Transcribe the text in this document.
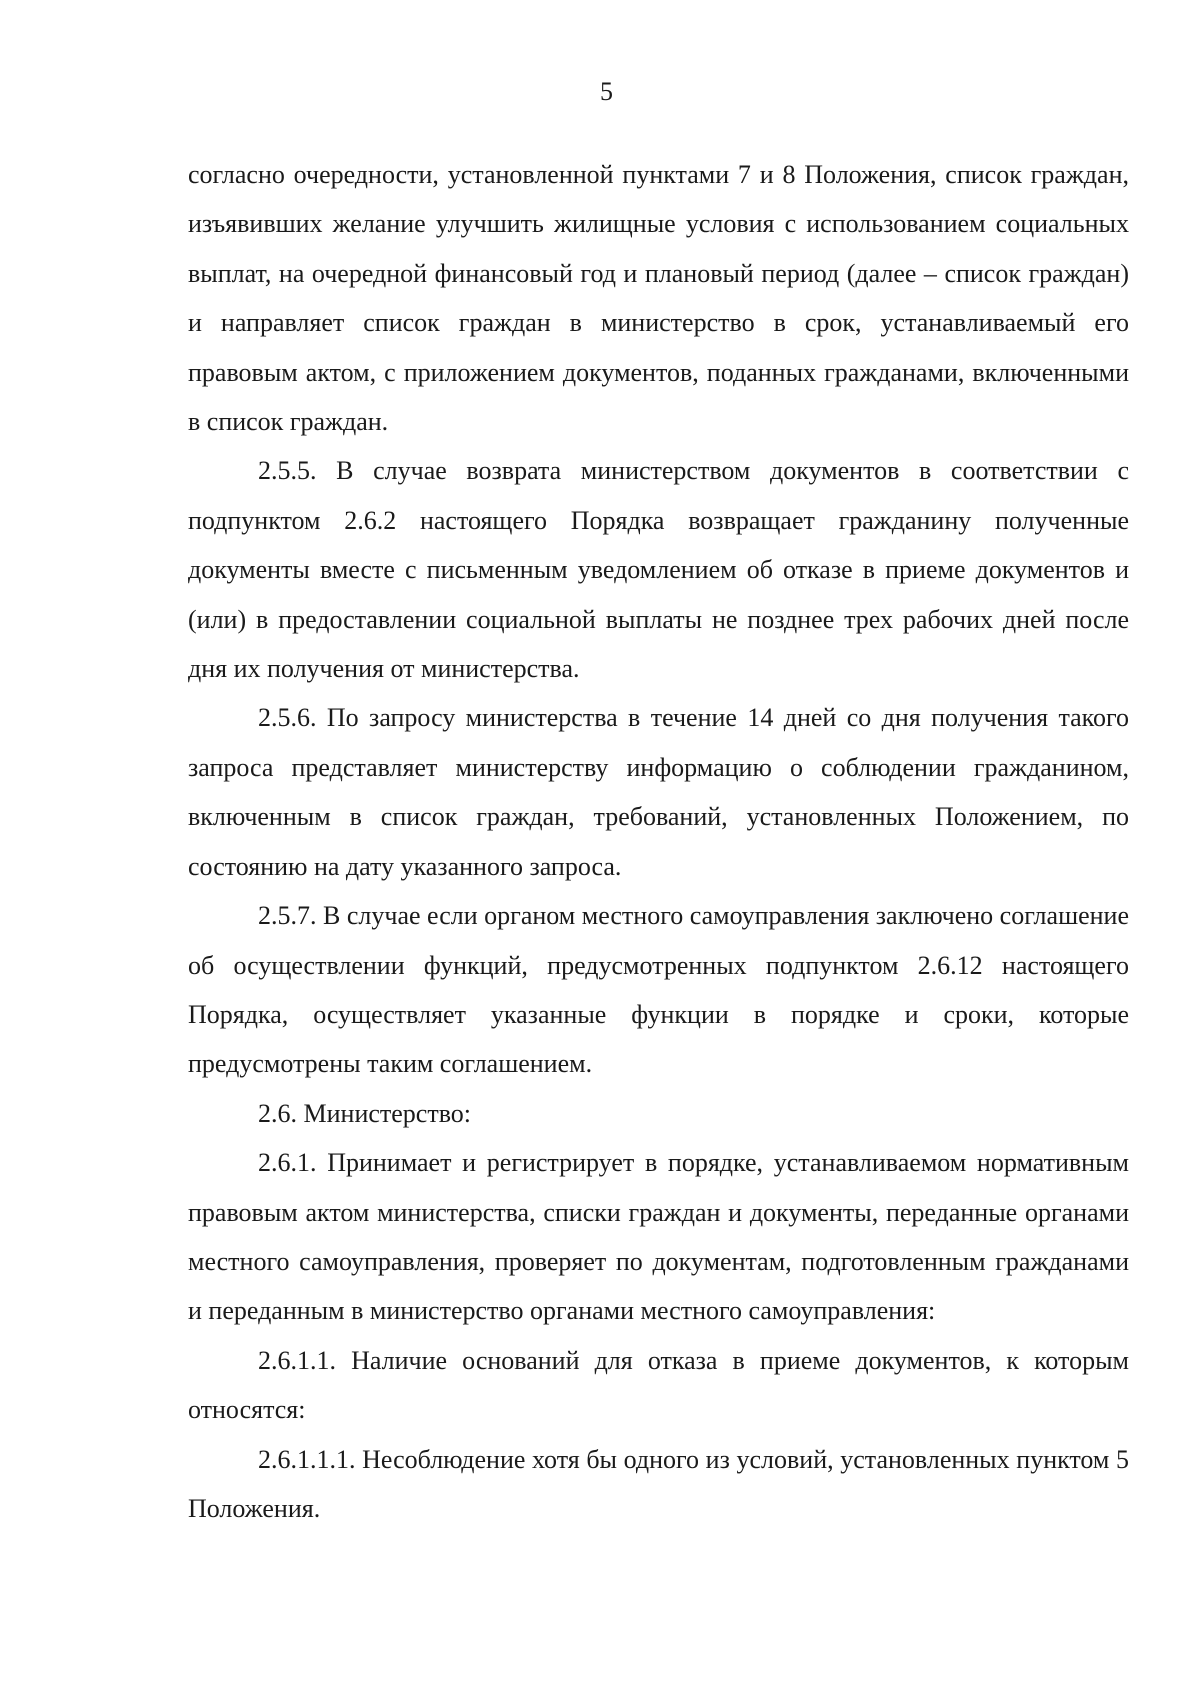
5

согласно очередности, установленной пунктами 7 и 8 Положения, список граждан, изъявивших желание улучшить жилищные условия с использованием социальных выплат, на очередной финансовый год и плановый период (далее – список граждан) и направляет список граждан в министерство в срок, устанавливаемый его правовым актом, с приложением документов, поданных гражданами, включенными в список граждан.

2.5.5. В случае возврата министерством документов в соответствии с подпунктом 2.6.2 настоящего Порядка возвращает гражданину полученные документы вместе с письменным уведомлением об отказе в приеме документов и (или) в предоставлении социальной выплаты не позднее трех рабочих дней после дня их получения от министерства.

2.5.6. По запросу министерства в течение 14 дней со дня получения такого запроса представляет министерству информацию о соблюдении гражданином, включенным в список граждан, требований, установленных Положением, по состоянию на дату указанного запроса.

2.5.7. В случае если органом местного самоуправления заключено соглашение об осуществлении функций, предусмотренных подпунктом 2.6.12 настоящего Порядка, осуществляет указанные функции в порядке и сроки, которые предусмотрены таким соглашением.

2.6. Министерство:

2.6.1. Принимает и регистрирует в порядке, устанавливаемом нормативным правовым актом министерства, списки граждан и документы, переданные органами местного самоуправления, проверяет по документам, подготовленным гражданами и переданным в министерство органами местного самоуправления:

2.6.1.1. Наличие оснований для отказа в приеме документов, к которым относятся:

2.6.1.1.1. Несоблюдение хотя бы одного из условий, установленных пунктом 5 Положения.
